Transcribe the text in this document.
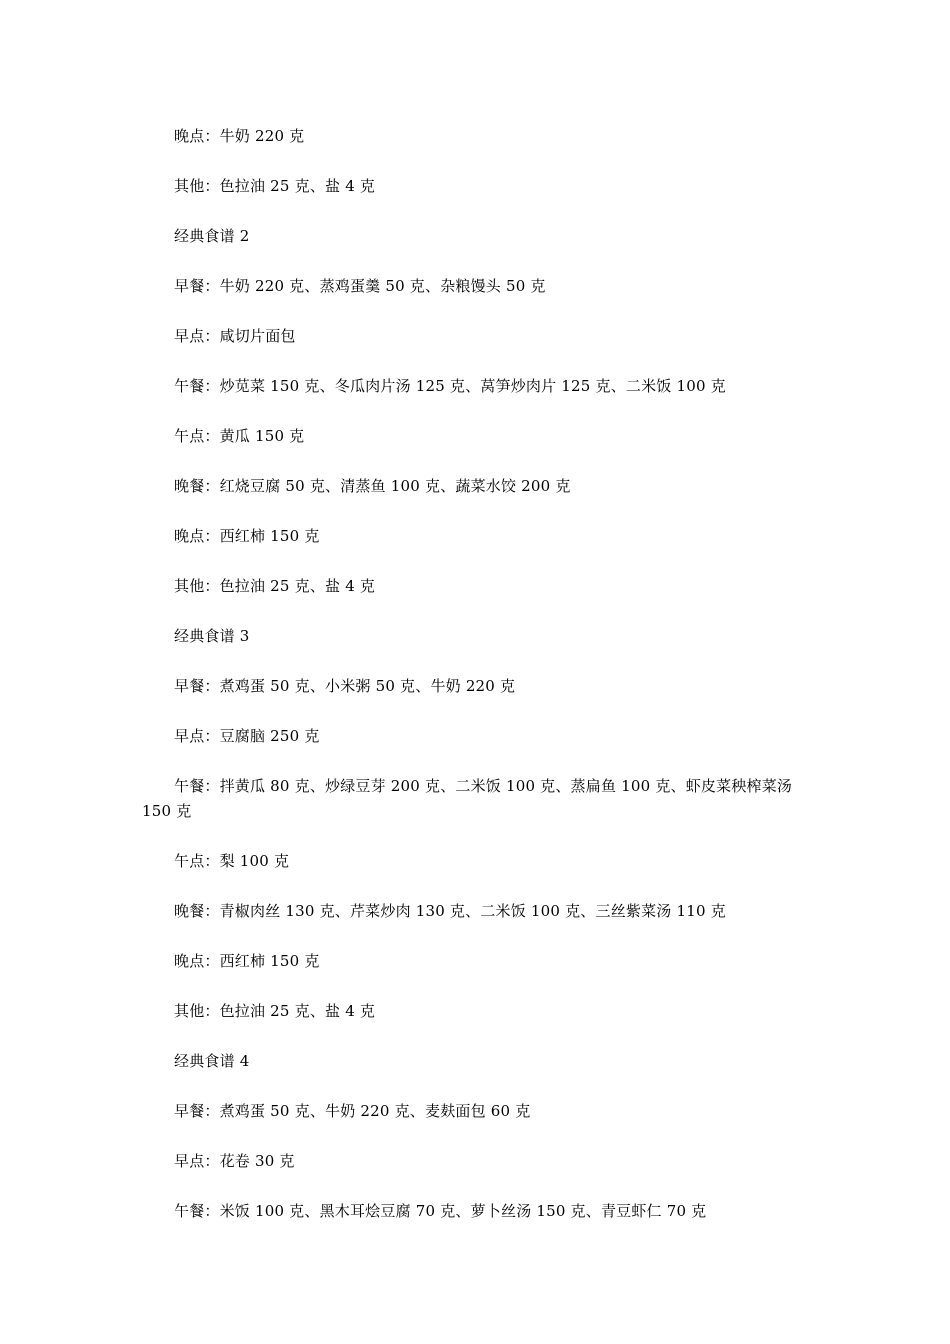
晚点：牛奶 220 克

其他：色拉油 25 克、盐 4 克

经典食谱 2

早餐：牛奶 220 克、蒸鸡蛋羹 50 克、杂粮馒头 50 克

早点：咸切片面包

午餐：炒苋菜 150 克、冬瓜肉片汤 125 克、莴笋炒肉片 125 克、二米饭 100 克

午点：黄瓜 150 克

晚餐：红烧豆腐 50 克、清蒸鱼 100 克、蔬菜水饺 200 克

晚点：西红柿 150 克

其他：色拉油 25 克、盐 4 克

经典食谱 3

早餐：煮鸡蛋 50 克、小米粥 50 克、牛奶 220 克

早点：豆腐脑 250 克

午餐：拌黄瓜 80 克、炒绿豆芽 200 克、二米饭 100 克、蒸扁鱼 100 克、虾皮菜秧榨菜汤 150 克

午点：梨 100 克

晚餐：青椒肉丝 130 克、芹菜炒肉 130 克、二米饭 100 克、三丝紫菜汤 110 克

晚点：西红柿 150 克

其他：色拉油 25 克、盐 4 克

经典食谱 4

早餐：煮鸡蛋 50 克、牛奶 220 克、麦麸面包 60 克

早点：花卷 30 克

午餐：米饭 100 克、黑木耳烩豆腐 70 克、萝卜丝汤 150 克、青豆虾仁 70 克
